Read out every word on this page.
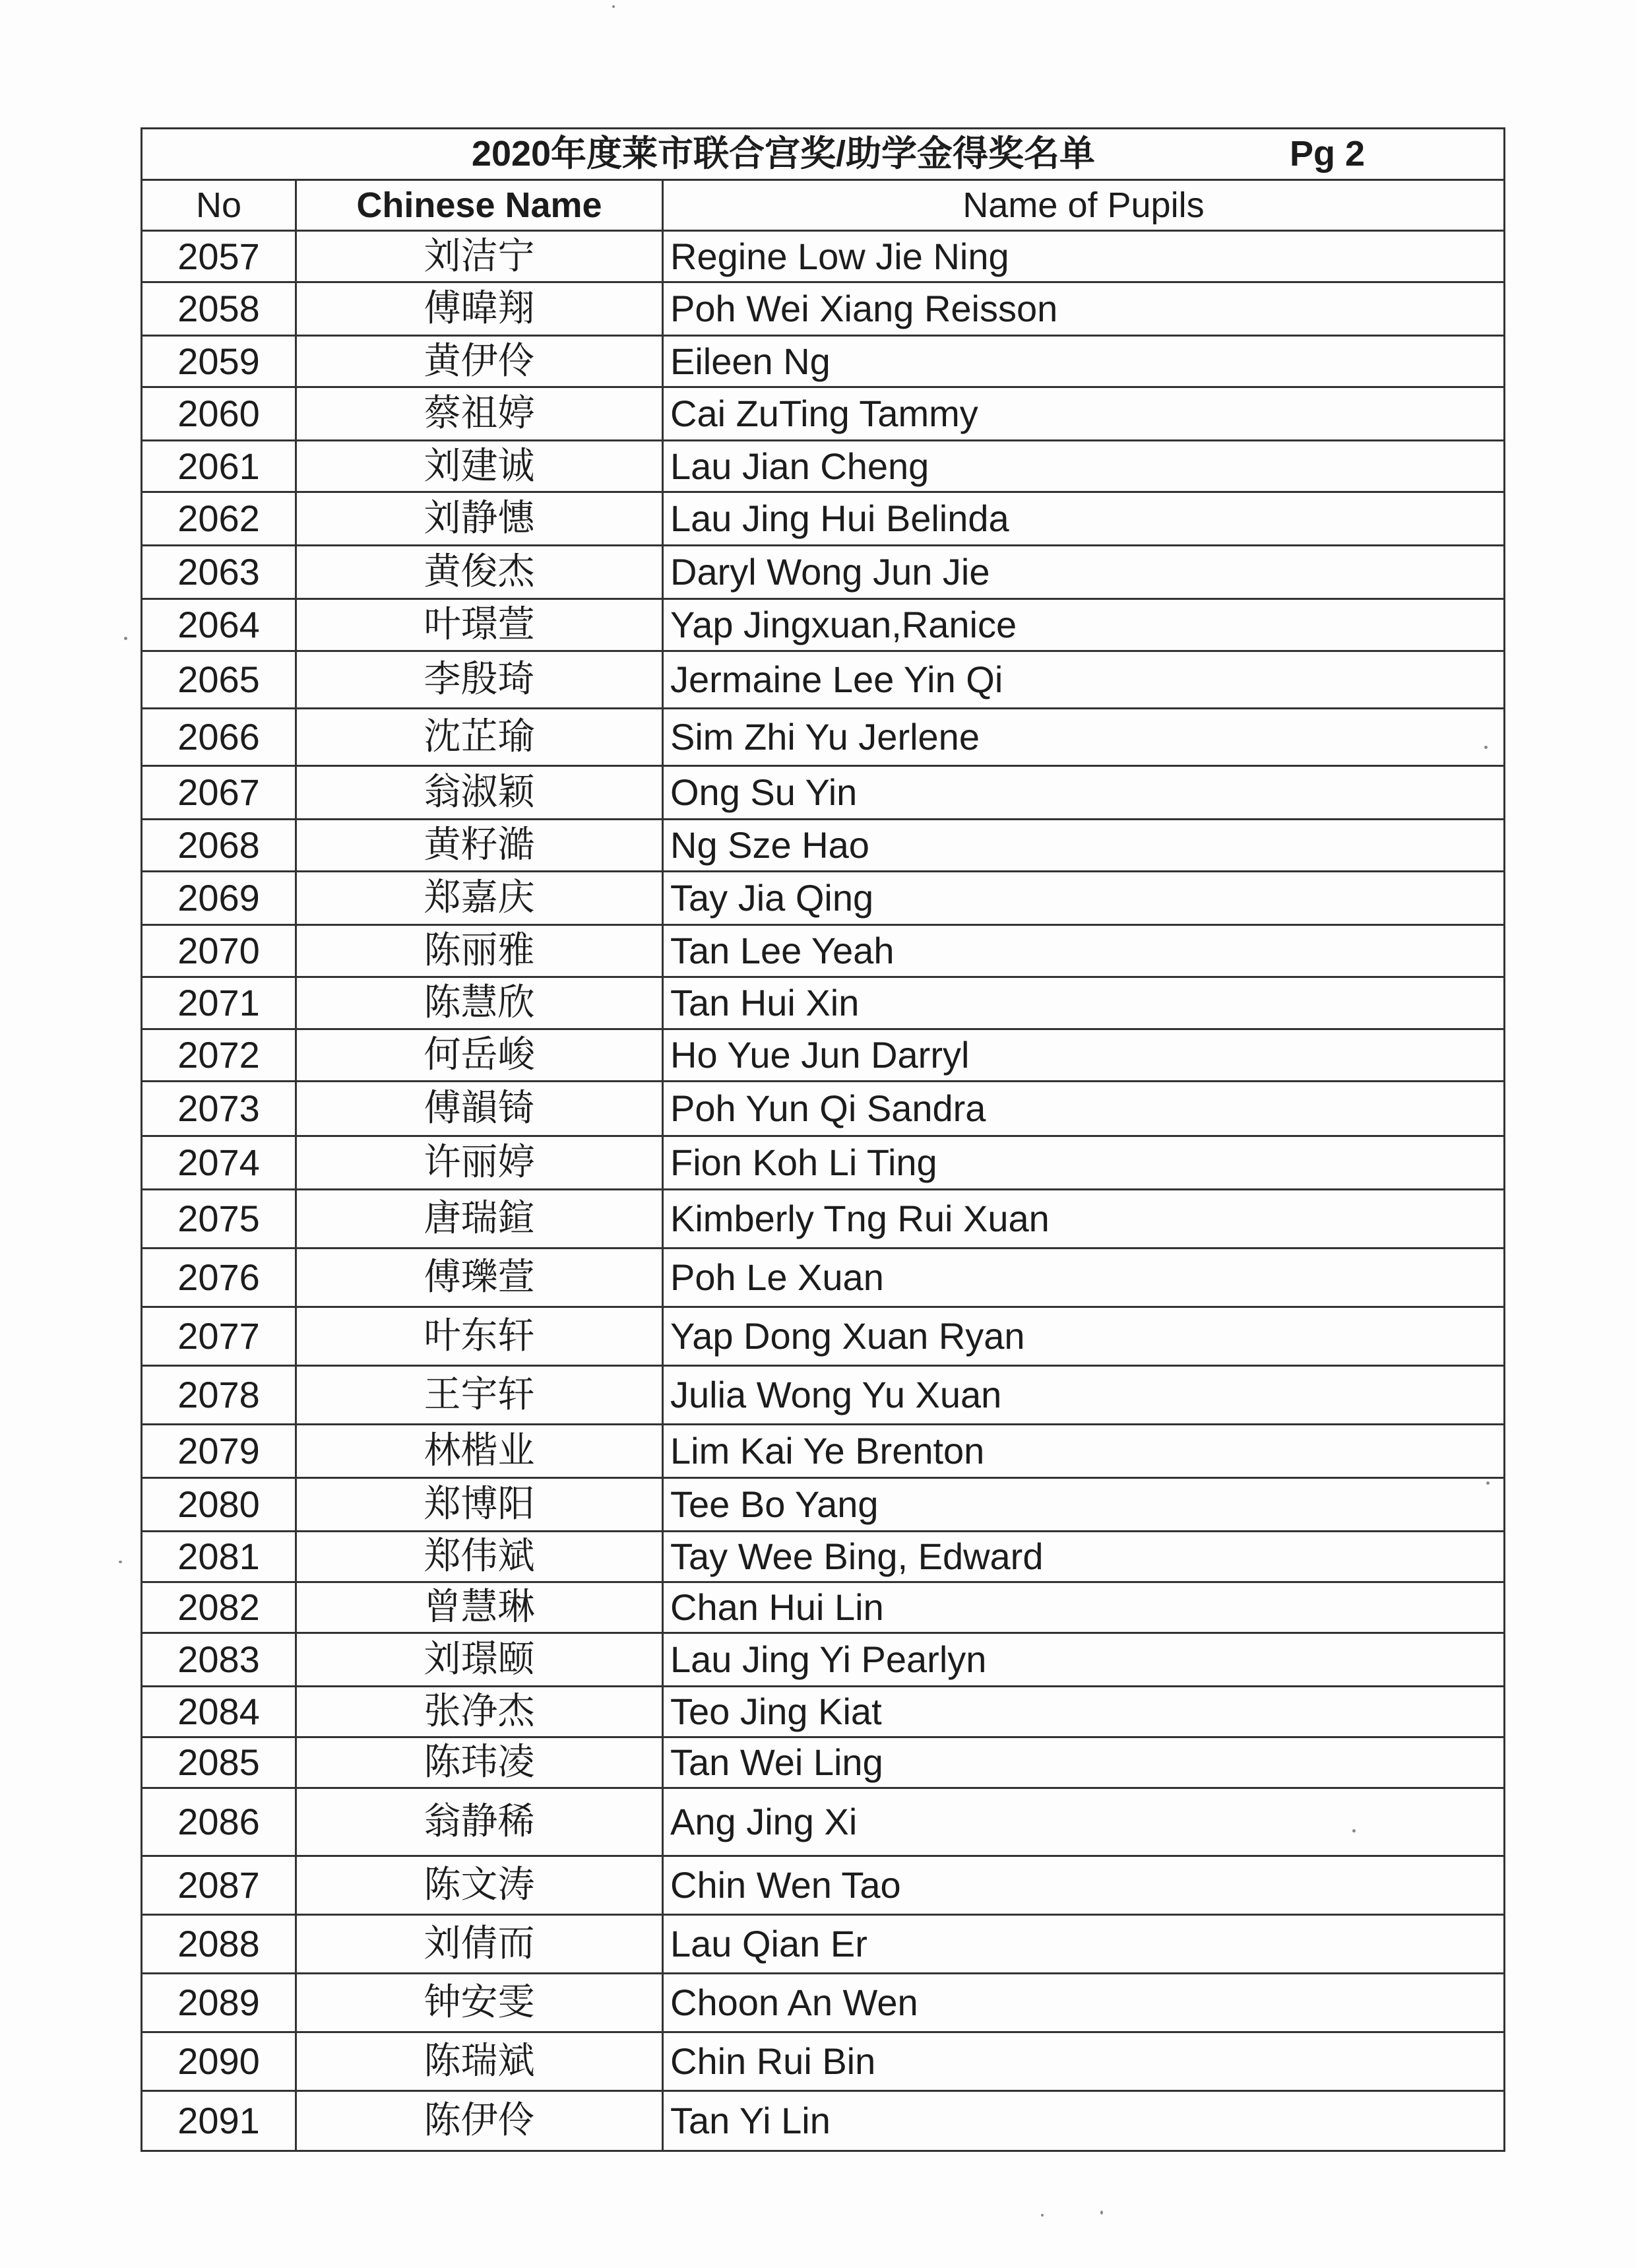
2020年度莱市联合宫奖/助学金得奖名单 Pg 2		

No	Chinese Name	Name of Pupils
2057	刘洁宁	Regine Low Jie Ning
2058	傅暐翔	Poh Wei Xiang Reisson
2059	黄伊伶	Eileen Ng
2060	蔡祖婷	Cai ZuTing Tammy
2061	刘建诚	Lau Jian Cheng
2062	刘静憓	Lau Jing Hui Belinda
2063	黄俊杰	Daryl Wong Jun Jie
2064	叶璟萱	Yap Jingxuan,Ranice
2065	李殷琦	Jermaine Lee Yin Qi
2066	沈芷瑜	Sim Zhi Yu Jerlene
2067	翁淑颖	Ong Su Yin
2068	黄籽澔	Ng Sze Hao
2069	郑嘉庆	Tay Jia Qing
2070	陈丽雅	Tan Lee Yeah
2071	陈慧欣	Tan Hui Xin
2072	何岳峻	Ho Yue Jun Darryl
2073	傅韻锜	Poh Yun Qi Sandra
2074	许丽婷	Fion Koh Li Ting
2075	唐瑞鍹	Kimberly Tng Rui Xuan
2076	傅瓅萱	Poh Le Xuan
2077	叶东轩	Yap Dong Xuan Ryan
2078	王宇轩	Julia Wong Yu Xuan
2079	林楷业	Lim Kai Ye Brenton
2080	郑博阳	Tee Bo Yang
2081	郑伟斌	Tay Wee Bing, Edward
2082	曾慧琳	Chan Hui Lin
2083	刘璟颐	Lau Jing Yi Pearlyn
2084	张净杰	Teo Jing Kiat
2085	陈玮凌	Tan Wei Ling
2086	翁静稀	Ang Jing Xi
2087	陈文涛	Chin Wen Tao
2088	刘倩而	Lau Qian Er
2089	钟安雯	Choon An Wen
2090	陈瑞斌	Chin Rui Bin
2091	陈伊伶	Tan Yi Lin
